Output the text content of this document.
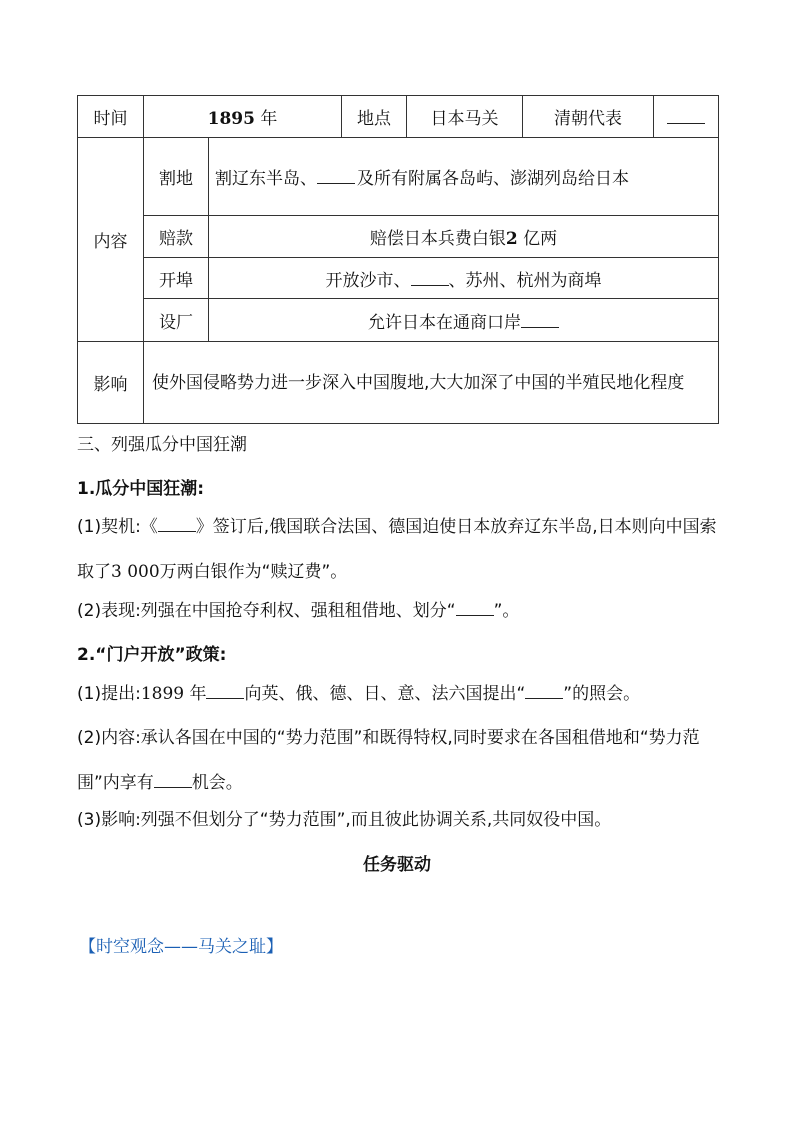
时间	1895 年		地点	日本马关	清朝代表	
内容	割地	割辽东半岛、 及所有附属各岛屿、澎湖列岛给日本				
	赔款	赔偿日本兵费白银2 亿两				
	开埠	开放沙市、 、苏州、杭州为商埠				
	设厂	允许日本在通商口岸				
影响	使外国侵略势力进一步深入中国腹地,大大加深了中国的半殖民地化程度					
三、列强瓜分中国狂潮
1.瓜分中国狂潮:
(1)契机:《 》签订后,俄国联合法国、德国迫使日本放弃辽东半岛,日本则向中国索取了3 000万两白银作为“赎辽费”。
(2)表现:列强在中国抢夺利权、强租租借地、划分“ ”。
2.“门户开放”政策:
(1)提出:1899 年 向英、俄、德、日、意、法六国提出“ ”的照会。
(2)内容:承认各国在中国的“势力范围”和既得特权,同时要求在各国租借地和“势力范围”内享有 机会。
(3)影响:列强不但划分了“势力范围”,而且彼此协调关系,共同奴役中国。
任务驱动
【时空观念——马关之耻】
